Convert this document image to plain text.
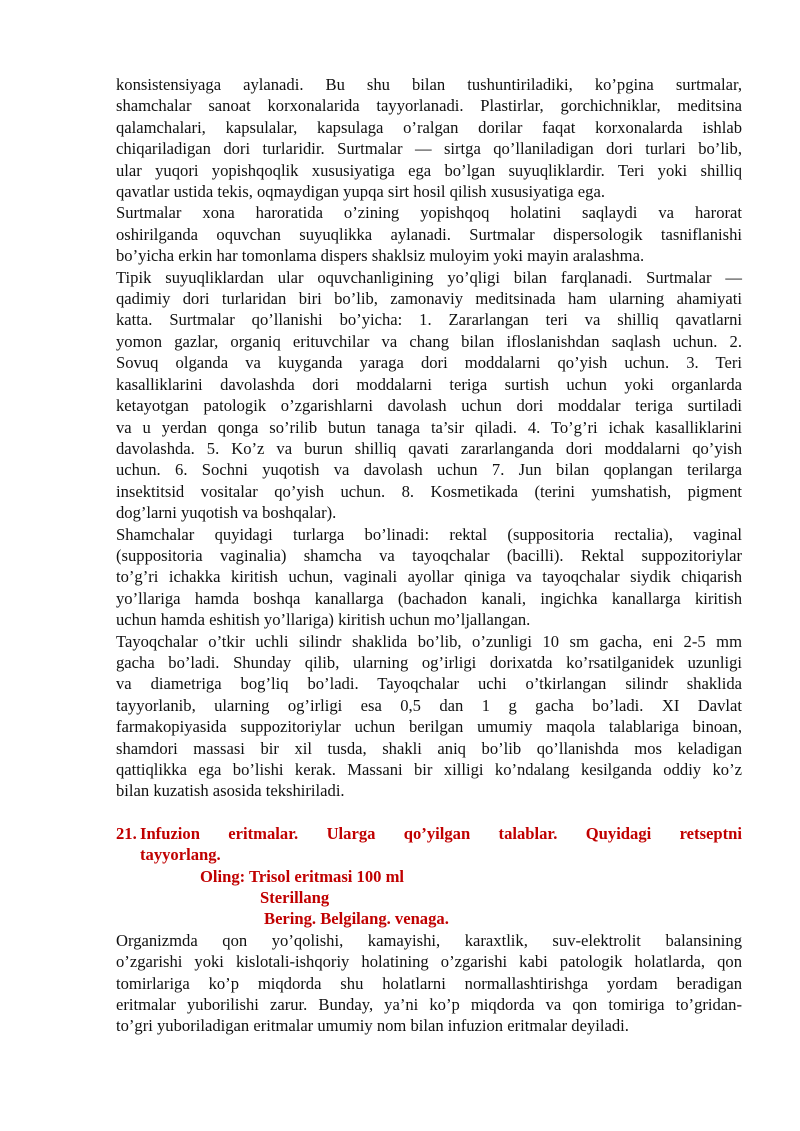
konsistensiyaga aylanadi. Bu shu bilan tushuntiriladiki, ko’pgina surtmalar,
shamchalar sanoat korxonalarida tayyorlanadi. Plastirlar, gorchichniklar, meditsina
qalamchalari, kapsulalar, kapsulaga o’ralgan dorilar faqat korxonalarda ishlab
chiqariladigan dori turlaridir. Surtmalar — sirtga qo’llaniladigan dori turlari bo’lib,
ular yuqori yopishqoqlik xususiyatiga ega bo’lgan suyuqliklardir. Teri yoki shilliq
qavatlar ustida tekis, oqmaydigan yupqa sirt hosil qilish xususiyatiga ega.
Surtmalar xona haroratida o’zining yopishqoq holatini saqlaydi va harorat
oshirilganda oquvchan suyuqlikka aylanadi. Surtmalar dispersologik tasniflanishi
bo’yicha erkin har tomonlama dispers shaklsiz muloyim yoki mayin aralashma.
Tipik suyuqliklardan ular oquvchanligining yo’qligi bilan farqlanadi. Surtmalar —
qadimiy dori turlaridan biri bo’lib, zamonaviy meditsinada ham ularning ahamiyati
katta. Surtmalar qo’llanishi bo’yicha: 1. Zararlangan teri va shilliq qavatlarni
yomon gazlar, organiq erituvchilar va chang bilan ifloslanishdan saqlash uchun. 2.
Sovuq olganda va kuyganda yaraga dori moddalarni qo’yish uchun. 3. Teri
kasalliklarini davolashda dori moddalarni teriga surtish uchun yoki organlarda
ketayotgan patologik o’zgarishlarni davolash uchun dori moddalar teriga surtiladi
va u yerdan qonga so’rilib butun tanaga ta’sir qiladi. 4. To’g’ri ichak kasalliklarini
davolashda. 5. Ko’z va burun shilliq qavati zararlanganda dori moddalarni qo’yish
uchun. 6. Sochni yuqotish va davolash uchun 7. Jun bilan qoplangan terilarga
insektitsid vositalar qo’yish uchun. 8. Kosmetikada (terini yumshatish, pigment
dog’larni yuqotish va boshqalar).
Shamchalar quyidagi turlarga bo’linadi: rektal (suppositoria rectalia), vaginal
(suppositoria vaginalia) shamcha va tayoqchalar (bacilli). Rektal suppozitoriylar
to’g’ri ichakka kiritish uchun, vaginali ayollar qiniga va tayoqchalar siydik chiqarish
yo’llariga hamda boshqa kanallarga (bachadon kanali, ingichka kanallarga kiritish
uchun hamda eshitish yo’llariga) kiritish uchun mo’ljallangan.
Tayoqchalar o’tkir uchli silindr shaklida bo’lib, o’zunligi 10 sm gacha, eni 2-5 mm
gacha bo’ladi. Shunday qilib, ularning og’irligi dorixatda ko’rsatilganidek uzunligi
va diametriga bog’liq bo’ladi. Tayoqchalar uchi o’tkirlangan silindr shaklida
tayyorlanib, ularning og’irligi esa 0,5 dan 1 g gacha bo’ladi. XI Davlat
farmakopiyasida suppozitoriylar uchun berilgan umumiy maqola talablariga binoan,
shamdori massasi bir xil tusda, shakli aniq bo’lib qo’llanishda mos keladigan
qattiqlikka ega bo’lishi kerak. Massani bir xilligi ko’ndalang kesilganda oddiy ko’z
bilan kuzatish asosida tekshiriladi.
21. Infuzion eritmalar. Ularga qo’yilgan talablar. Quyidagi retseptni
tayyorlang.
Oling: Trisol eritmasi 100 ml
Sterillang
Bering. Belgilang. venaga.
Organizmda qon yo’qolishi, kamayishi, karaxtlik, suv-elektrolit balansining
o’zgarishi yoki kislotali-ishqoriy holatining o’zgarishi kabi patologik holatlarda, qon
tomirlariga ko’p miqdorda shu holatlarni normallashtirishga yordam beradigan
eritmalar yuborilishi zarur. Bunday, ya’ni ko’p miqdorda va qon tomiriga to’gridan-
to’gri yuboriladigan eritmalar umumiy nom bilan infuzion eritmalar deyiladi.
